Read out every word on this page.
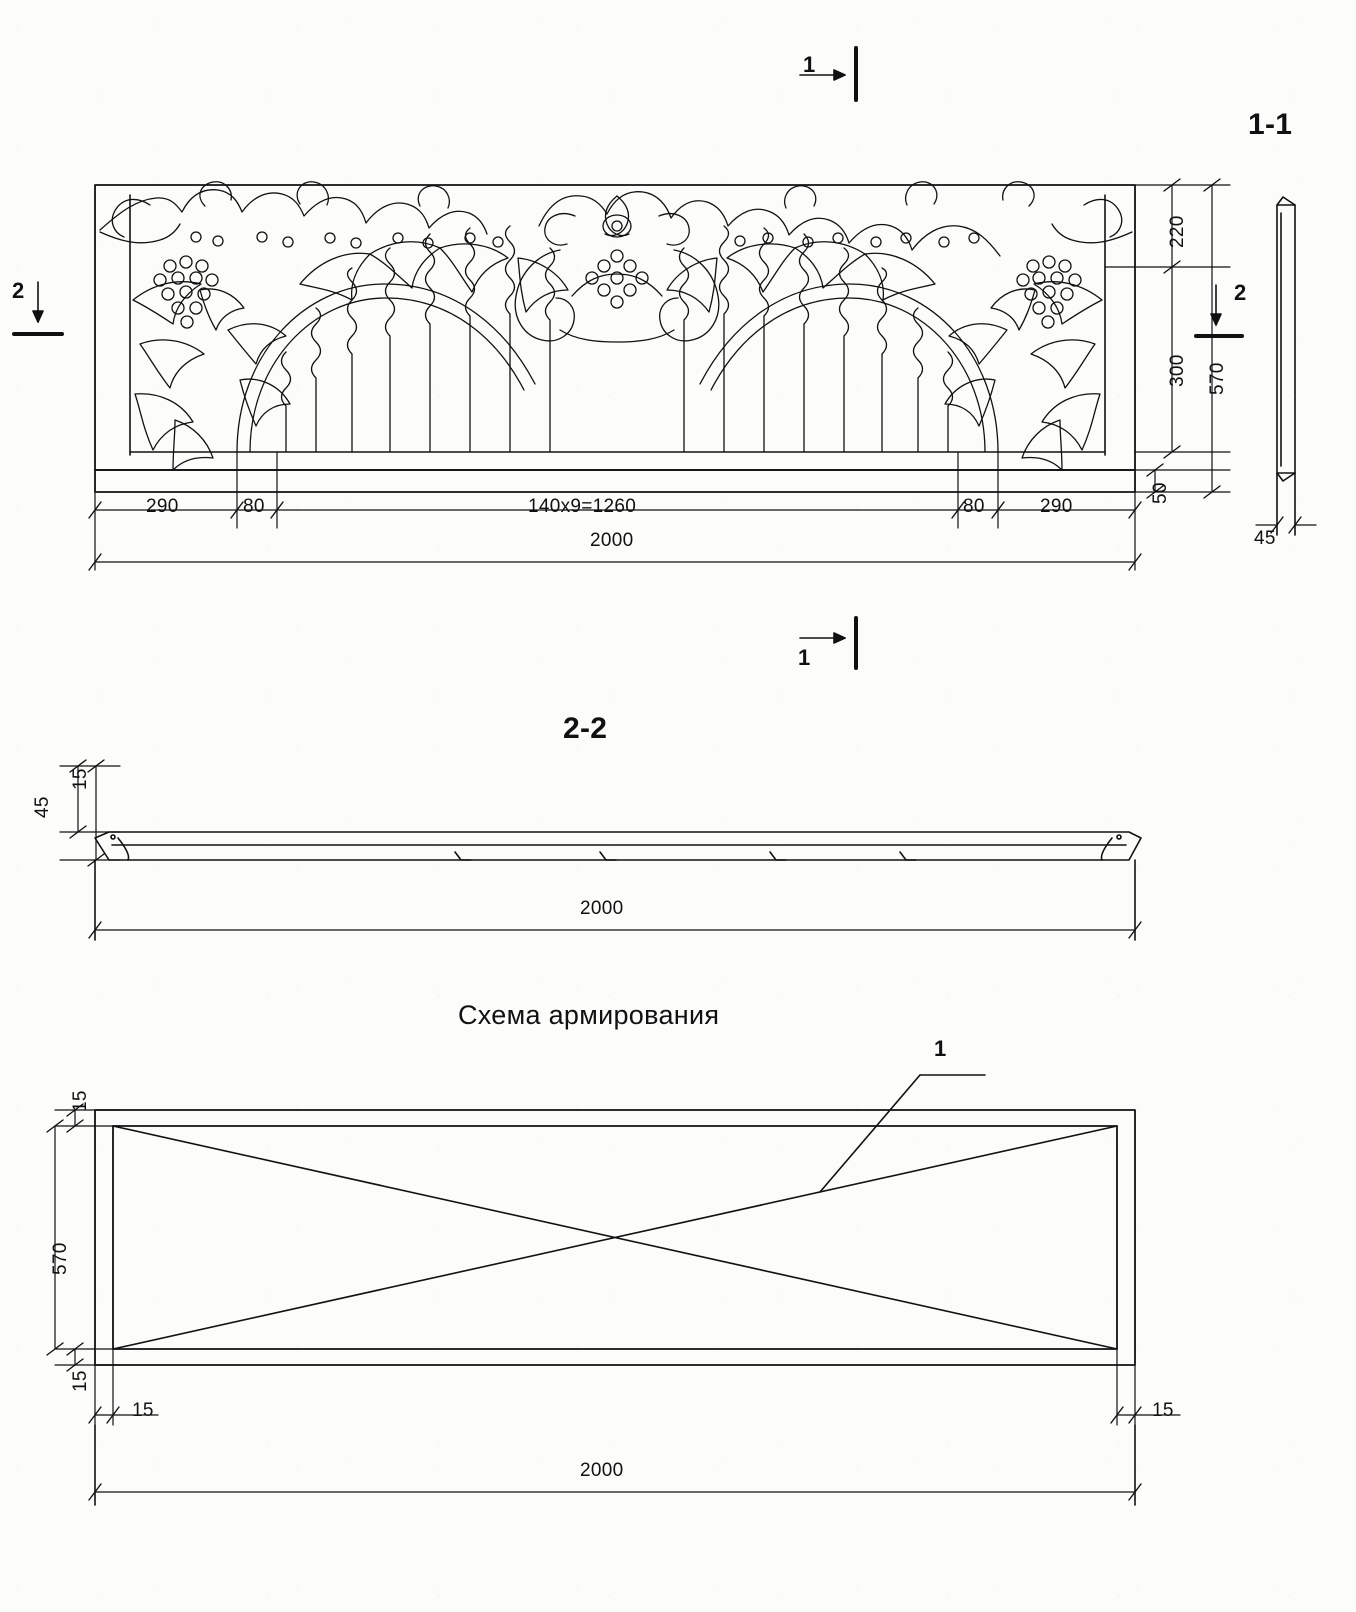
1
1
2	2
1-1
2-2
Схема армирования
290	80	140x9=1260	80	290
2000
220
300 570
50
45
15
45
2000
15
570
15
15	15
2000
1
